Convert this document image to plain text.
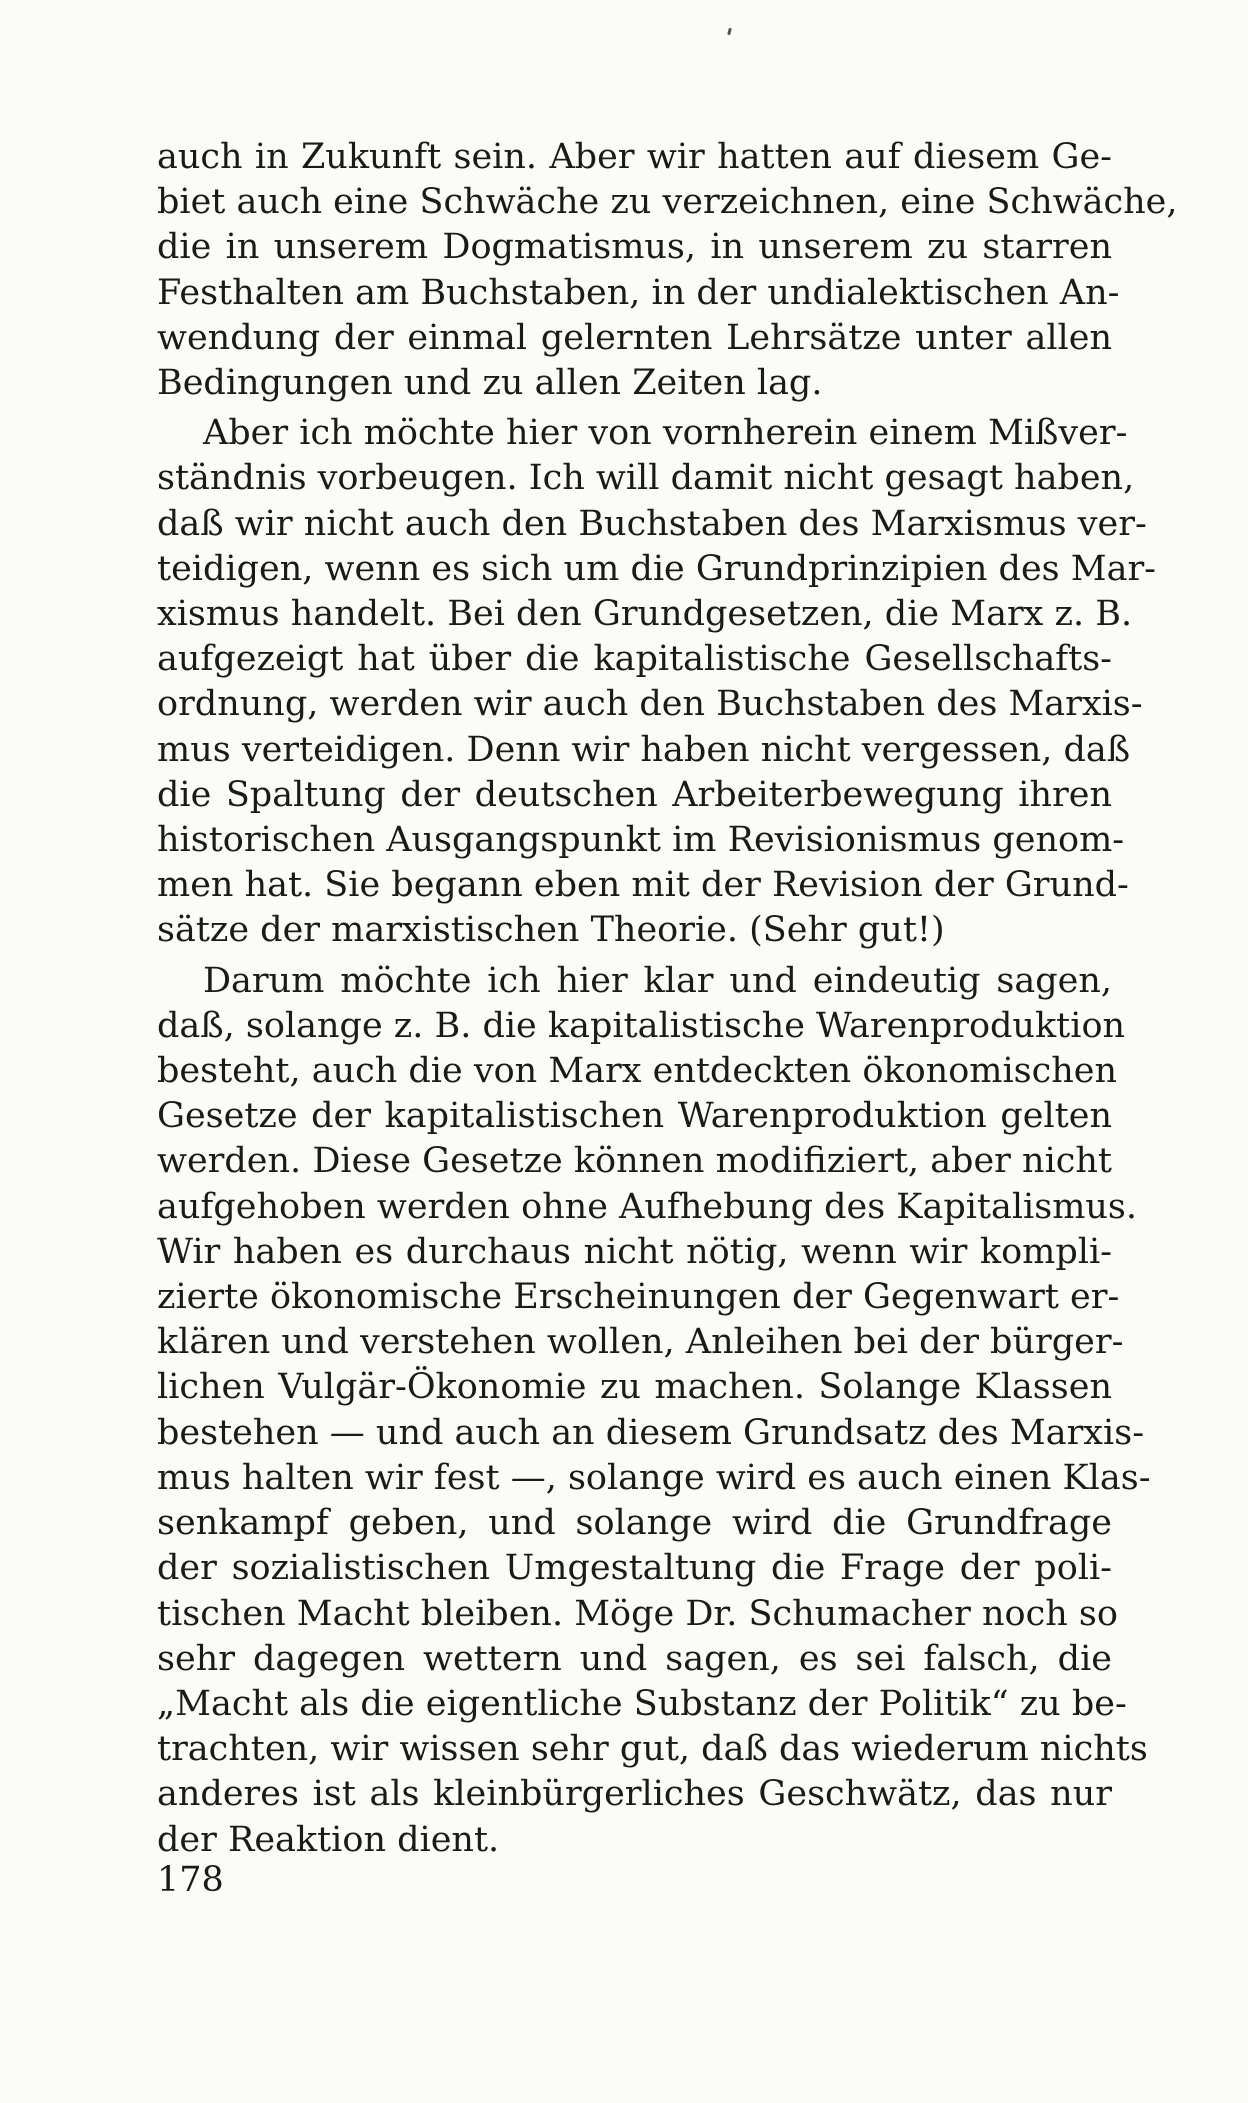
auch in Zukunft sein. Aber wir hatten auf diesem Ge-
biet auch eine Schwäche zu verzeichnen, eine Schwäche,
die in unserem Dogmatismus, in unserem zu starren
Festhalten am Buchstaben, in der undialektischen An-
wendung der einmal gelernten Lehrsätze unter allen
Bedingungen und zu allen Zeiten lag.
Aber ich möchte hier von vornherein einem Mißver-
ständnis vorbeugen. Ich will damit nicht gesagt haben,
daß wir nicht auch den Buchstaben des Marxismus ver-
teidigen, wenn es sich um die Grundprinzipien des Mar-
xismus handelt. Bei den Grundgesetzen, die Marx z. B.
aufgezeigt hat über die kapitalistische Gesellschafts-
ordnung, werden wir auch den Buchstaben des Marxis-
mus verteidigen. Denn wir haben nicht vergessen, daß
die Spaltung der deutschen Arbeiterbewegung ihren
historischen Ausgangspunkt im Revisionismus genom-
men hat. Sie begann eben mit der Revision der Grund-
sätze der marxistischen Theorie. (Sehr gut!)
Darum möchte ich hier klar und eindeutig sagen,
daß, solange z. B. die kapitalistische Warenproduktion
besteht, auch die von Marx entdeckten ökonomischen
Gesetze der kapitalistischen Warenproduktion gelten
werden. Diese Gesetze können modifiziert, aber nicht
aufgehoben werden ohne Aufhebung des Kapitalismus.
Wir haben es durchaus nicht nötig, wenn wir kompli-
zierte ökonomische Erscheinungen der Gegenwart er-
klären und verstehen wollen, Anleihen bei der bürger-
lichen Vulgär-Ökonomie zu machen. Solange Klassen
bestehen — und auch an diesem Grundsatz des Marxis-
mus halten wir fest —, solange wird es auch einen Klas-
senkampf geben, und solange wird die Grundfrage
der sozialistischen Umgestaltung die Frage der poli-
tischen Macht bleiben. Möge Dr. Schumacher noch so
sehr dagegen wettern und sagen, es sei falsch, die
„Macht als die eigentliche Substanz der Politik“ zu be-
trachten, wir wissen sehr gut, daß das wiederum nichts
anderes ist als kleinbürgerliches Geschwätz, das nur
der Reaktion dient.
178
